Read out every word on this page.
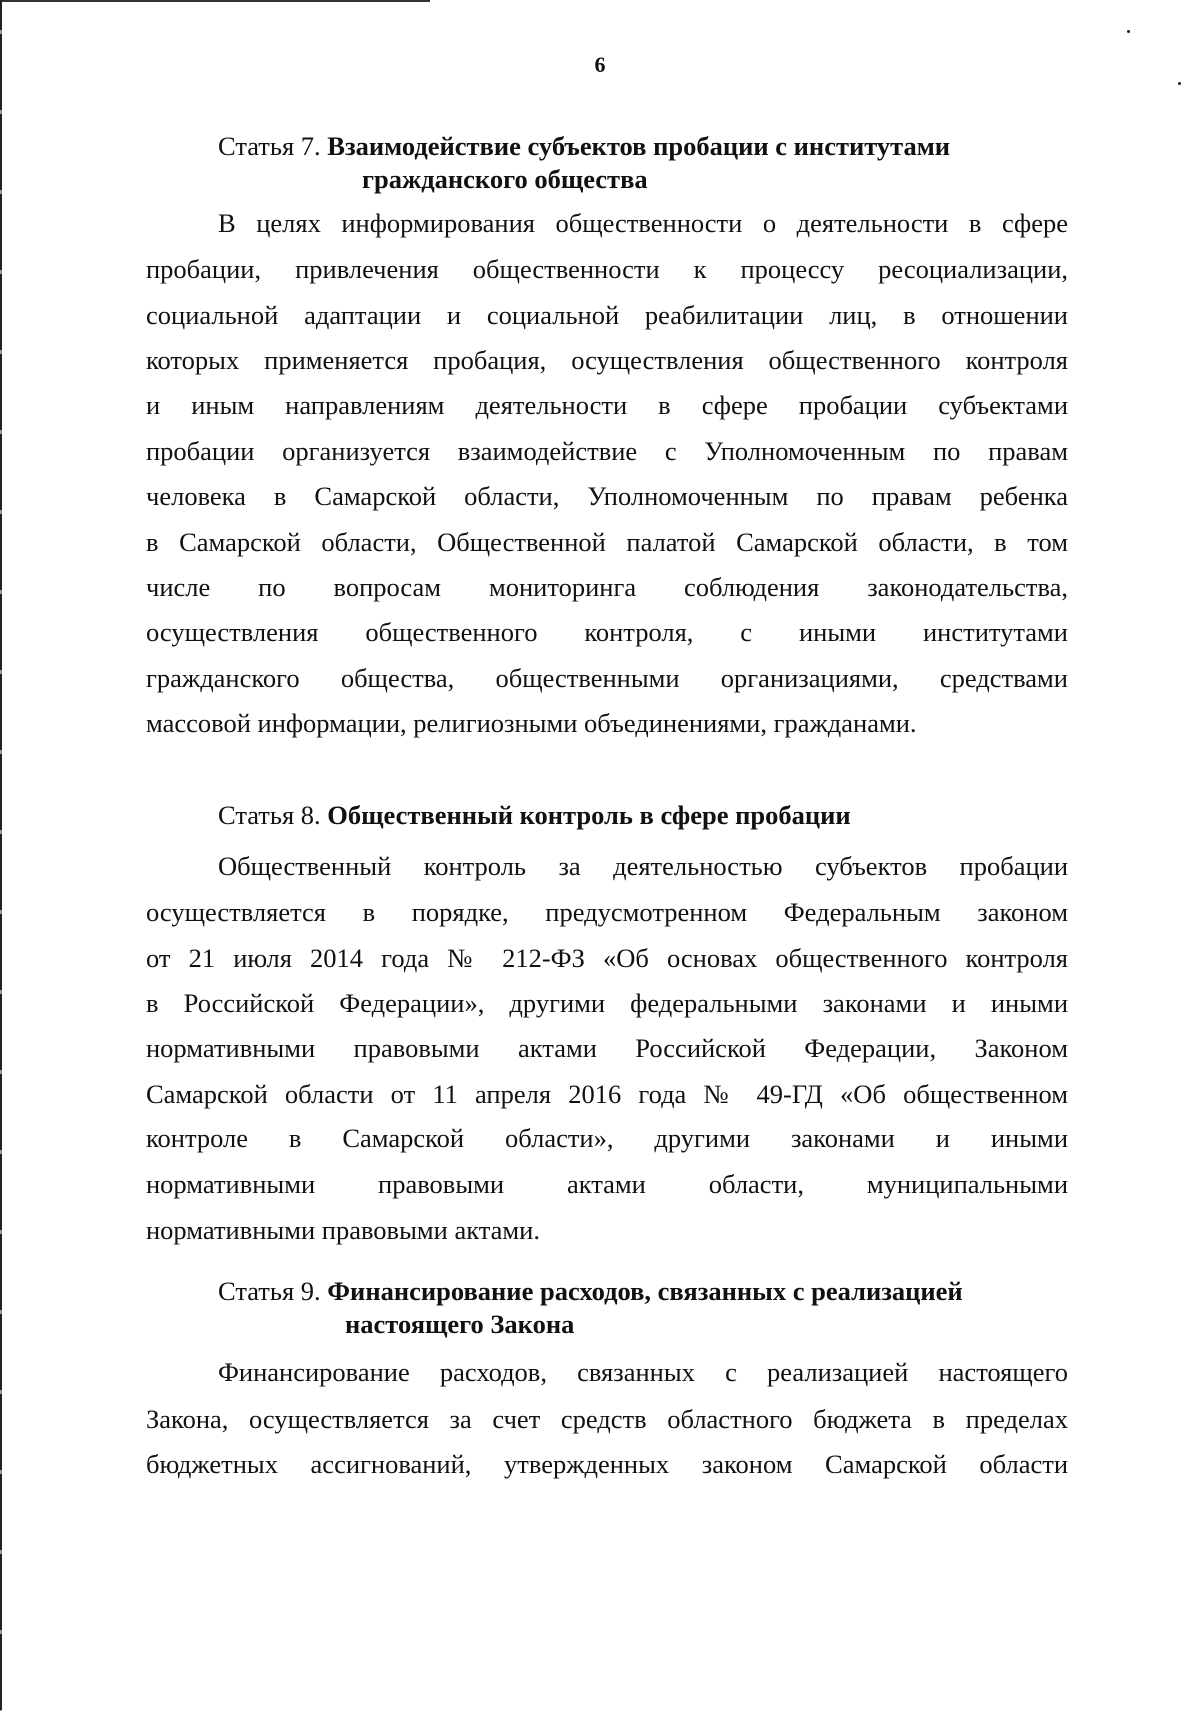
6

Статья 7. Взаимодействие субъектов пробации с институтами

гражданского общества

В целях информирования общественности о деятельности в сфере

пробации, привлечения общественности к процессу ресоциализации,

социальной адаптации и социальной реабилитации лиц, в отношении

которых применяется пробация, осуществления общественного контроля

и иным направлениям деятельности в сфере пробации субъектами

пробации организуется взаимодействие с Уполномоченным по правам

человека в Самарской области, Уполномоченным по правам ребенка

в Самарской области, Общественной палатой Самарской области, в том

числе по вопросам мониторинга соблюдения законодательства,

осуществления общественного контроля, с иными институтами

гражданского общества, общественными организациями, средствами

массовой информации, религиозными объединениями, гражданами.

Статья 8. Общественный контроль в сфере пробации

Общественный контроль за деятельностью субъектов пробации

осуществляется в порядке, предусмотренном Федеральным законом

от 21 июля 2014 года № 212-ФЗ «Об основах общественного контроля

в Российской Федерации», другими федеральными законами и иными

нормативными правовыми актами Российской Федерации, Законом

Самарской области от 11 апреля 2016 года № 49-ГД «Об общественном

контроле в Самарской области», другими законами и иными

нормативными правовыми актами области, муниципальными

нормативными правовыми актами.

Статья 9. Финансирование расходов, связанных с реализацией

настоящего Закона

Финансирование расходов, связанных с реализацией настоящего

Закона, осуществляется за счет средств областного бюджета в пределах

бюджетных ассигнований, утвержденных законом Самарской области
